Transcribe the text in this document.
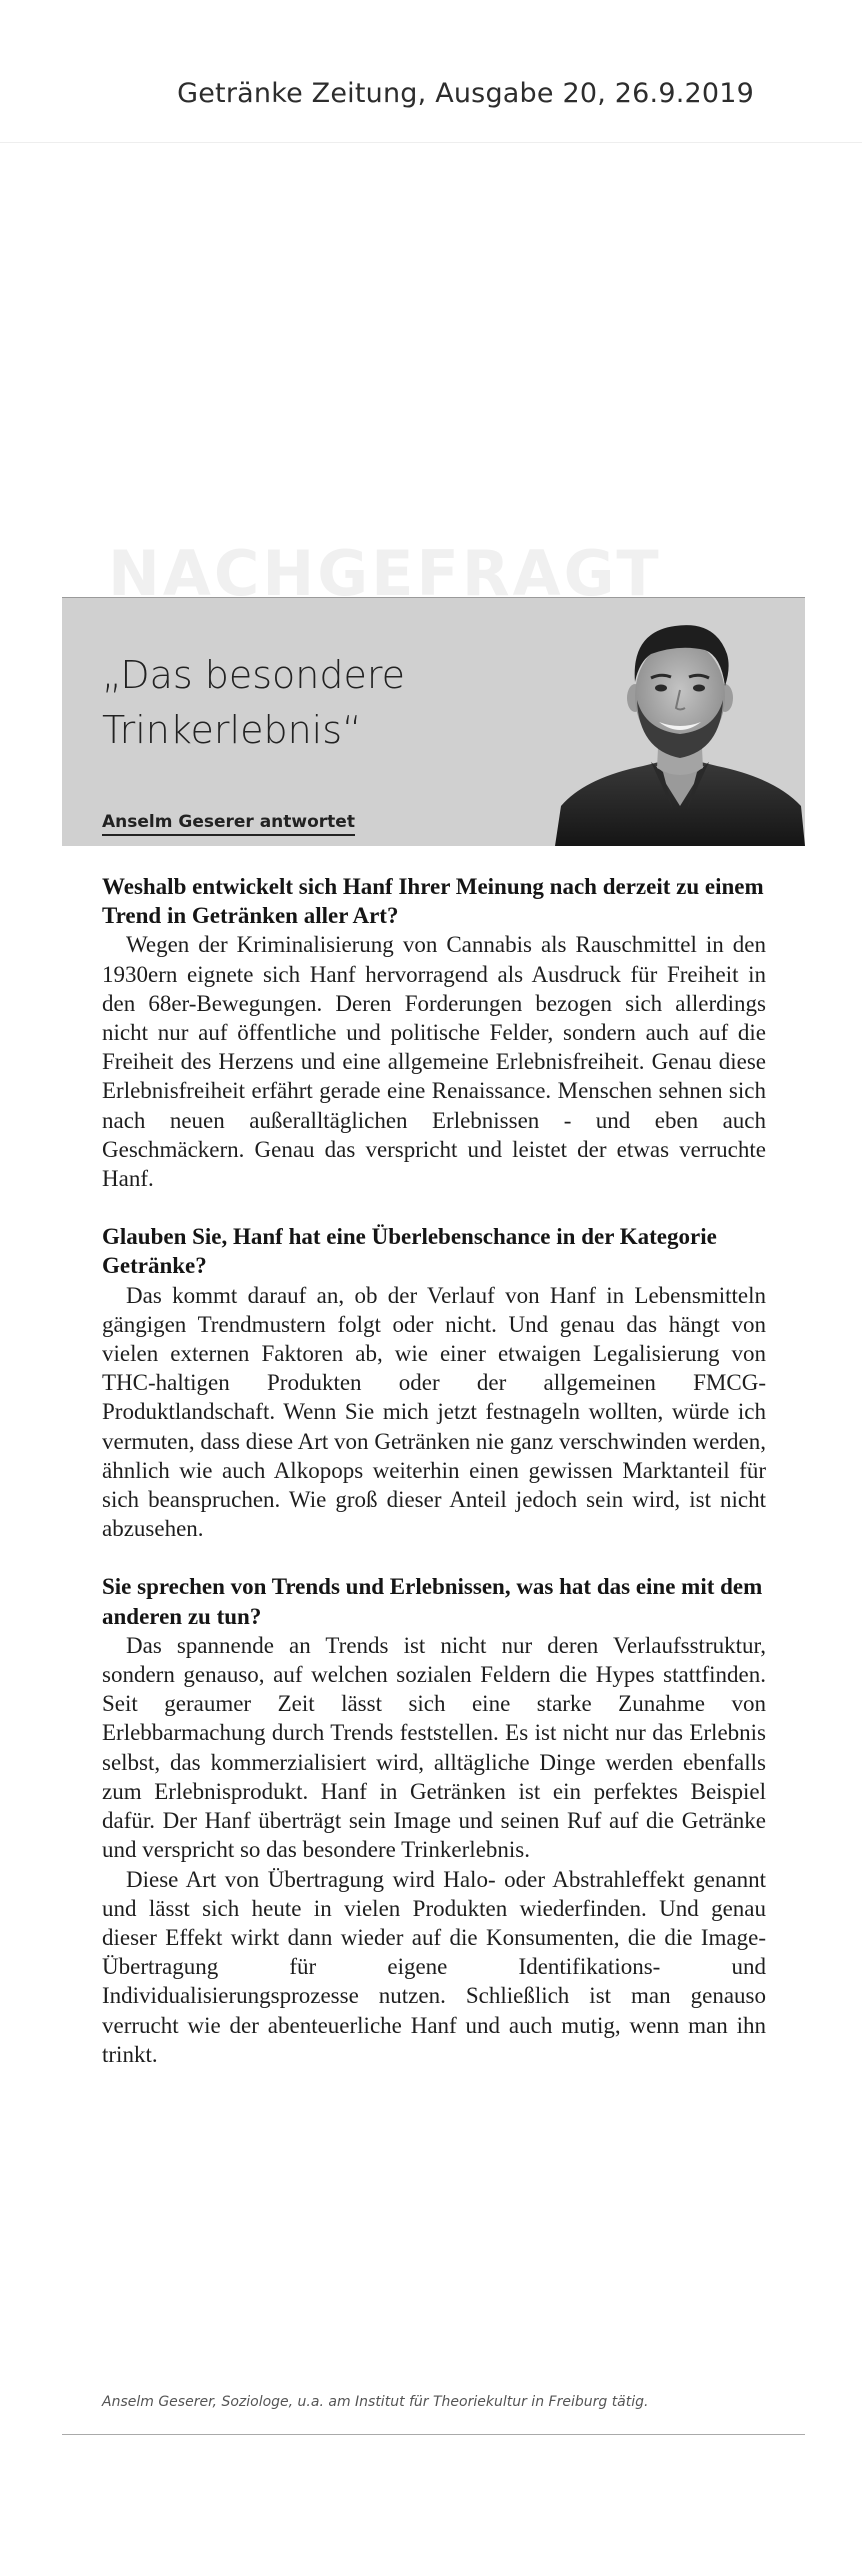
Getränke Zeitung, Ausgabe 20, 26.9.2019
NACHGEFRAGT
„Das besondere
Trinkerlebnis“
Anselm Geserer antwortet

Weshalb entwickelt sich Hanf Ihrer Meinung nach derzeit zu einem Trend in Getränken aller Art?

Wegen der Kriminalisierung von Cannabis als Rauschmittel in den 1930ern eignete sich Hanf hervorragend als Ausdruck für Freiheit in den 68er-Bewegungen. Deren Forderungen bezogen sich allerdings nicht nur auf öffentliche und politische Felder, sondern auch auf die Freiheit des Herzens und eine allgemeine Erlebnisfreiheit. Genau diese Erlebnisfreiheit erfährt gerade eine Renaissance. Menschen sehnen sich nach neuen außeralltäglichen Erlebnissen - und eben auch Geschmäckern. Genau das verspricht und leistet der etwas verruchte Hanf.

Glauben Sie, Hanf hat eine Überlebenschance in der Kategorie Getränke?

Das kommt darauf an, ob der Verlauf von Hanf in Lebensmitteln gängigen Trendmustern folgt oder nicht. Und genau das hängt von vielen externen Faktoren ab, wie einer etwaigen Legalisierung von THC-haltigen Produkten oder der allgemeinen FMCG-Produktlandschaft. Wenn Sie mich jetzt festnageln wollten, würde ich vermuten, dass diese Art von Getränken nie ganz verschwinden werden, ähnlich wie auch Alkopops weiterhin einen gewissen Marktanteil für sich beanspruchen. Wie groß dieser Anteil jedoch sein wird, ist nicht abzusehen.

Sie sprechen von Trends und Erlebnissen, was hat das eine mit dem anderen zu tun?

Das spannende an Trends ist nicht nur deren Verlaufsstruktur, sondern genauso, auf welchen sozialen Feldern die Hypes stattfinden. Seit geraumer Zeit lässt sich eine starke Zunahme von Erlebbarmachung durch Trends feststellen. Es ist nicht nur das Erlebnis selbst, das kommerzialisiert wird, alltägliche Dinge werden ebenfalls zum Erlebnisprodukt. Hanf in Getränken ist ein perfektes Beispiel dafür. Der Hanf überträgt sein Image und seinen Ruf auf die Getränke und verspricht so das besondere Trinkerlebnis.

Diese Art von Übertragung wird Halo- oder Abstrahleffekt genannt und lässt sich heute in vielen Produkten wiederfinden. Und genau dieser Effekt wirkt dann wieder auf die Konsumenten, die die Image-Übertragung für eigene Identifikations- und Individualisierungsprozesse nutzen. Schließlich ist man genauso verrucht wie der abenteuerliche Hanf und auch mutig, wenn man ihn trinkt.

Anselm Geserer, Soziologe, u.a. am Institut für Theoriekultur in Freiburg tätig.
